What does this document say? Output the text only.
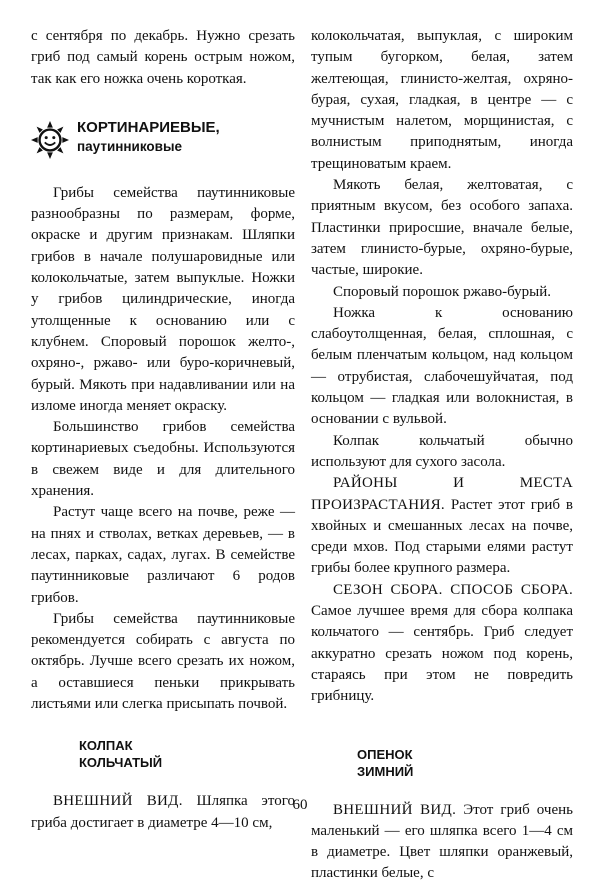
с сентября по декабрь. Нужно срезать гриб под самый корень острым ножом, так как его ножка очень короткая.

КОРТИНАРИЕВЫЕ,
паутинниковые

Грибы семейства паутинниковые разнообразны по размерам, форме, окраске и другим признакам. Шляпки грибов в начале полушаровидные или колокольчатые, затем выпуклые. Ножки у грибов цилиндрические, иногда утолщенные к основанию или с клубнем. Споровый порошок желто-, охряно-, ржаво- или буро-коричневый, бурый. Мякоть при надавливании или на изломе иногда меняет окраску.

Большинство грибов семейства кортинариевых съедобны. Используются в свежем виде и для длительного хранения.

Растут чаще всего на почве, реже — на пнях и стволах, ветках деревьев, — в лесах, парках, садах, лугах. В семействе паутинниковые различают 6 родов грибов.

Грибы семейства паутинниковые рекомендуется собирать с августа по октябрь. Лучше всего срезать их ножом, а оставшиеся пеньки прикрывать листьями или слегка присыпать почвой.

КОЛПАК
КОЛЬЧАТЫЙ

ВНЕШНИЙ ВИД. Шляпка этого гриба достигает в диаметре 4—10 см,

колокольчатая, выпуклая, с широким тупым бугорком, белая, затем желтеющая, глинисто-желтая, охряно-бурая, сухая, гладкая, в центре — с мучнистым налетом, морщинистая, с волнистым приподнятым, иногда трещиноватым краем.

Мякоть белая, желтоватая, с приятным вкусом, без особого запаха. Пластинки приросшие, вначале белые, затем глинисто-бурые, охряно-бурые, частые, широкие.

Споровый порошок ржаво-бурый.

Ножка к основанию слабоутолщенная, белая, сплошная, с белым пленчатым кольцом, над кольцом — отрубистая, слабочешуйчатая, под кольцом — гладкая или волокнистая, в основании с вульвой.

Колпак кольчатый обычно используют для сухого засола.

РАЙОНЫ И МЕСТА ПРОИЗРАСТАНИЯ. Растет этот гриб в хвойных и смешанных лесах на почве, среди мхов. Под старыми елями растут грибы более крупного размера.

СЕЗОН СБОРА. СПОСОБ СБОРА. Самое лучшее время для сбора колпака кольчатого — сентябрь. Гриб следует аккуратно срезать ножом под корень, стараясь при этом не повредить грибницу.

ОПЕНОК
ЗИМНИЙ

ВНЕШНИЙ ВИД. Этот гриб очень маленький — его шляпка всего 1—4 см в диаметре. Цвет шляпки оранжевый, пластинки белые, с

60
